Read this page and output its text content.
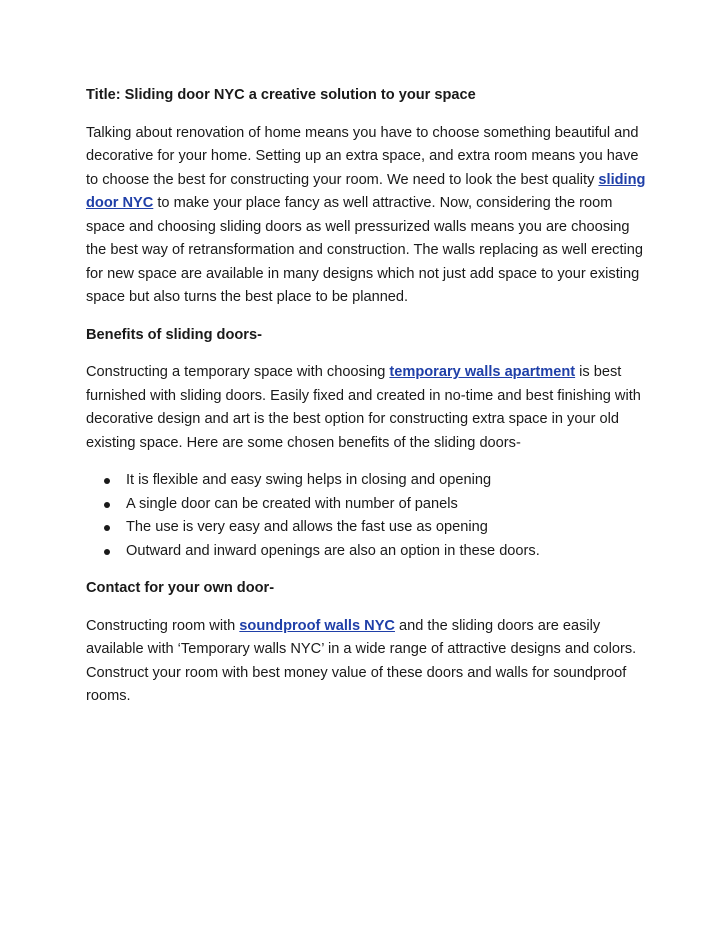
Title: Sliding door NYC a creative solution to your space

Talking about renovation of home means you have to choose something beautiful and decorative for your home. Setting up an extra space, and extra room means you have to choose the best for constructing your room. We need to look the best quality sliding door NYC to make your place fancy as well attractive. Now, considering the room space and choosing sliding doors as well pressurized walls means you are choosing the best way of retransformation and construction. The walls replacing as well erecting for new space are available in many designs which not just add space to your existing space but also turns the best place to be planned.

Benefits of sliding doors-

Constructing a temporary space with choosing temporary walls apartment is best furnished with sliding doors. Easily fixed and created in no-time and best finishing with decorative design and art is the best option for constructing extra space in your old existing space. Here are some chosen benefits of the sliding doors-

It is flexible and easy swing helps in closing and opening
A single door can be created with number of panels
The use is very easy and allows the fast use as opening
Outward and inward openings are also an option in these doors.
Contact for your own door-

Constructing room with soundproof walls NYC and the sliding doors are easily available with ‘Temporary walls NYC’ in a wide range of attractive designs and colors. Construct your room with best money value of these doors and walls for soundproof rooms.
